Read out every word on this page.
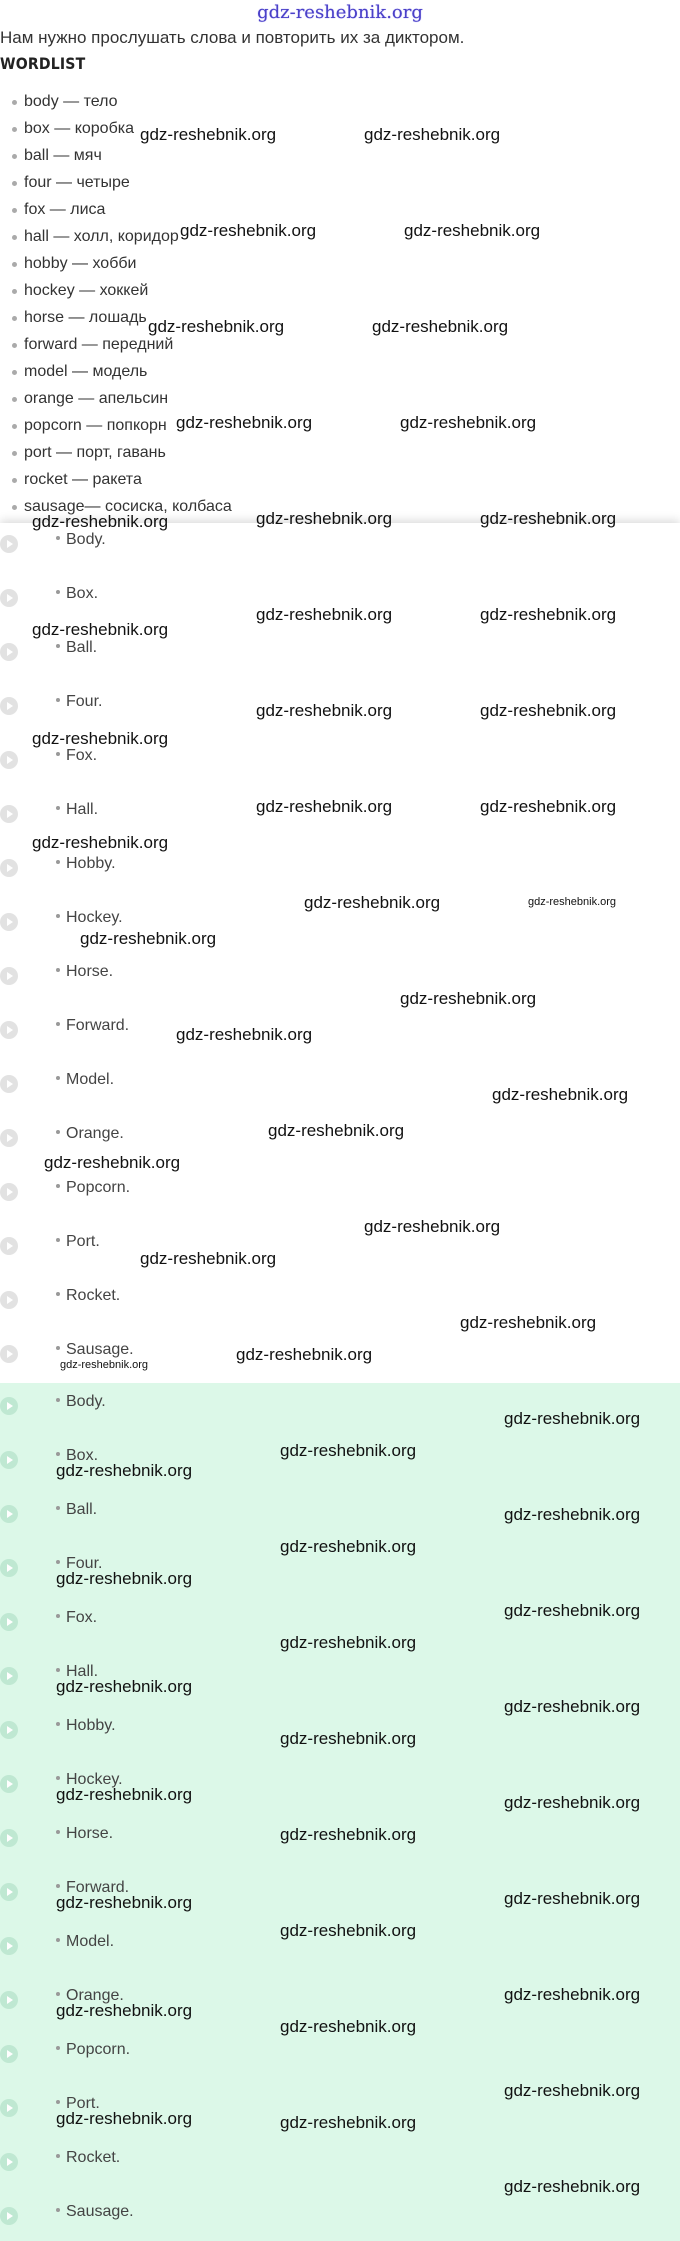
gdz-reshebnik.org
Нам нужно прослушать слова и повторить их за диктором.
WORDLIST
body — тело
box — коробка
ball — мяч
four — четыре
fox — лиса
hall — холл, коридор
hobby — хобби
hockey — хоккей
horse — лошадь
forward — передний
model — модель
orange — апельсин
popcorn — попкорн
port — порт, гавань
rocket — ракета
sausage— сосиска, колбаса
Body.
Box.
Ball.
Four.
Fox.
Hall.
Hobby.
Hockey.
Horse.
Forward.
Model.
Orange.
Popcorn.
Port.
Rocket.
Sausage.
Body.
Box.
Ball.
Four.
Fox.
Hall.
Hobby.
Hockey.
Horse.
Forward.
Model.
Orange.
Popcorn.
Port.
Rocket.
Sausage.
gdz-reshebnik.org	gdz-reshebnik.org
gdz-reshebnik.org	gdz-reshebnik.org
gdz-reshebnik.org	gdz-reshebnik.org
gdz-reshebnik.org	gdz-reshebnik.org
gdz-reshebnik.org	gdz-reshebnik.org	gdz-reshebnik.org
gdz-reshebnik.org	gdz-reshebnik.org
gdz-reshebnik.org
gdz-reshebnik.org	gdz-reshebnik.org
gdz-reshebnik.org
gdz-reshebnik.org	gdz-reshebnik.org
gdz-reshebnik.org
gdz-reshebnik.org	gdz-reshebnik.org
gdz-reshebnik.org
gdz-reshebnik.org
gdz-reshebnik.org
gdz-reshebnik.org
gdz-reshebnik.org
gdz-reshebnik.org
gdz-reshebnik.org
gdz-reshebnik.org
gdz-reshebnik.org
gdz-reshebnik.org
gdz-reshebnik.org
gdz-reshebnik.org
gdz-reshebnik.org
gdz-reshebnik.org
gdz-reshebnik.org
gdz-reshebnik.org
gdz-reshebnik.org
gdz-reshebnik.org
gdz-reshebnik.org
gdz-reshebnik.org
gdz-reshebnik.org
gdz-reshebnik.org
gdz-reshebnik.org	gdz-reshebnik.org
gdz-reshebnik.org
gdz-reshebnik.org	gdz-reshebnik.org
gdz-reshebnik.org
gdz-reshebnik.org
gdz-reshebnik.org
gdz-reshebnik.org
gdz-reshebnik.org
gdz-reshebnik.org
gdz-reshebnik.org
gdz-reshebnik.org
